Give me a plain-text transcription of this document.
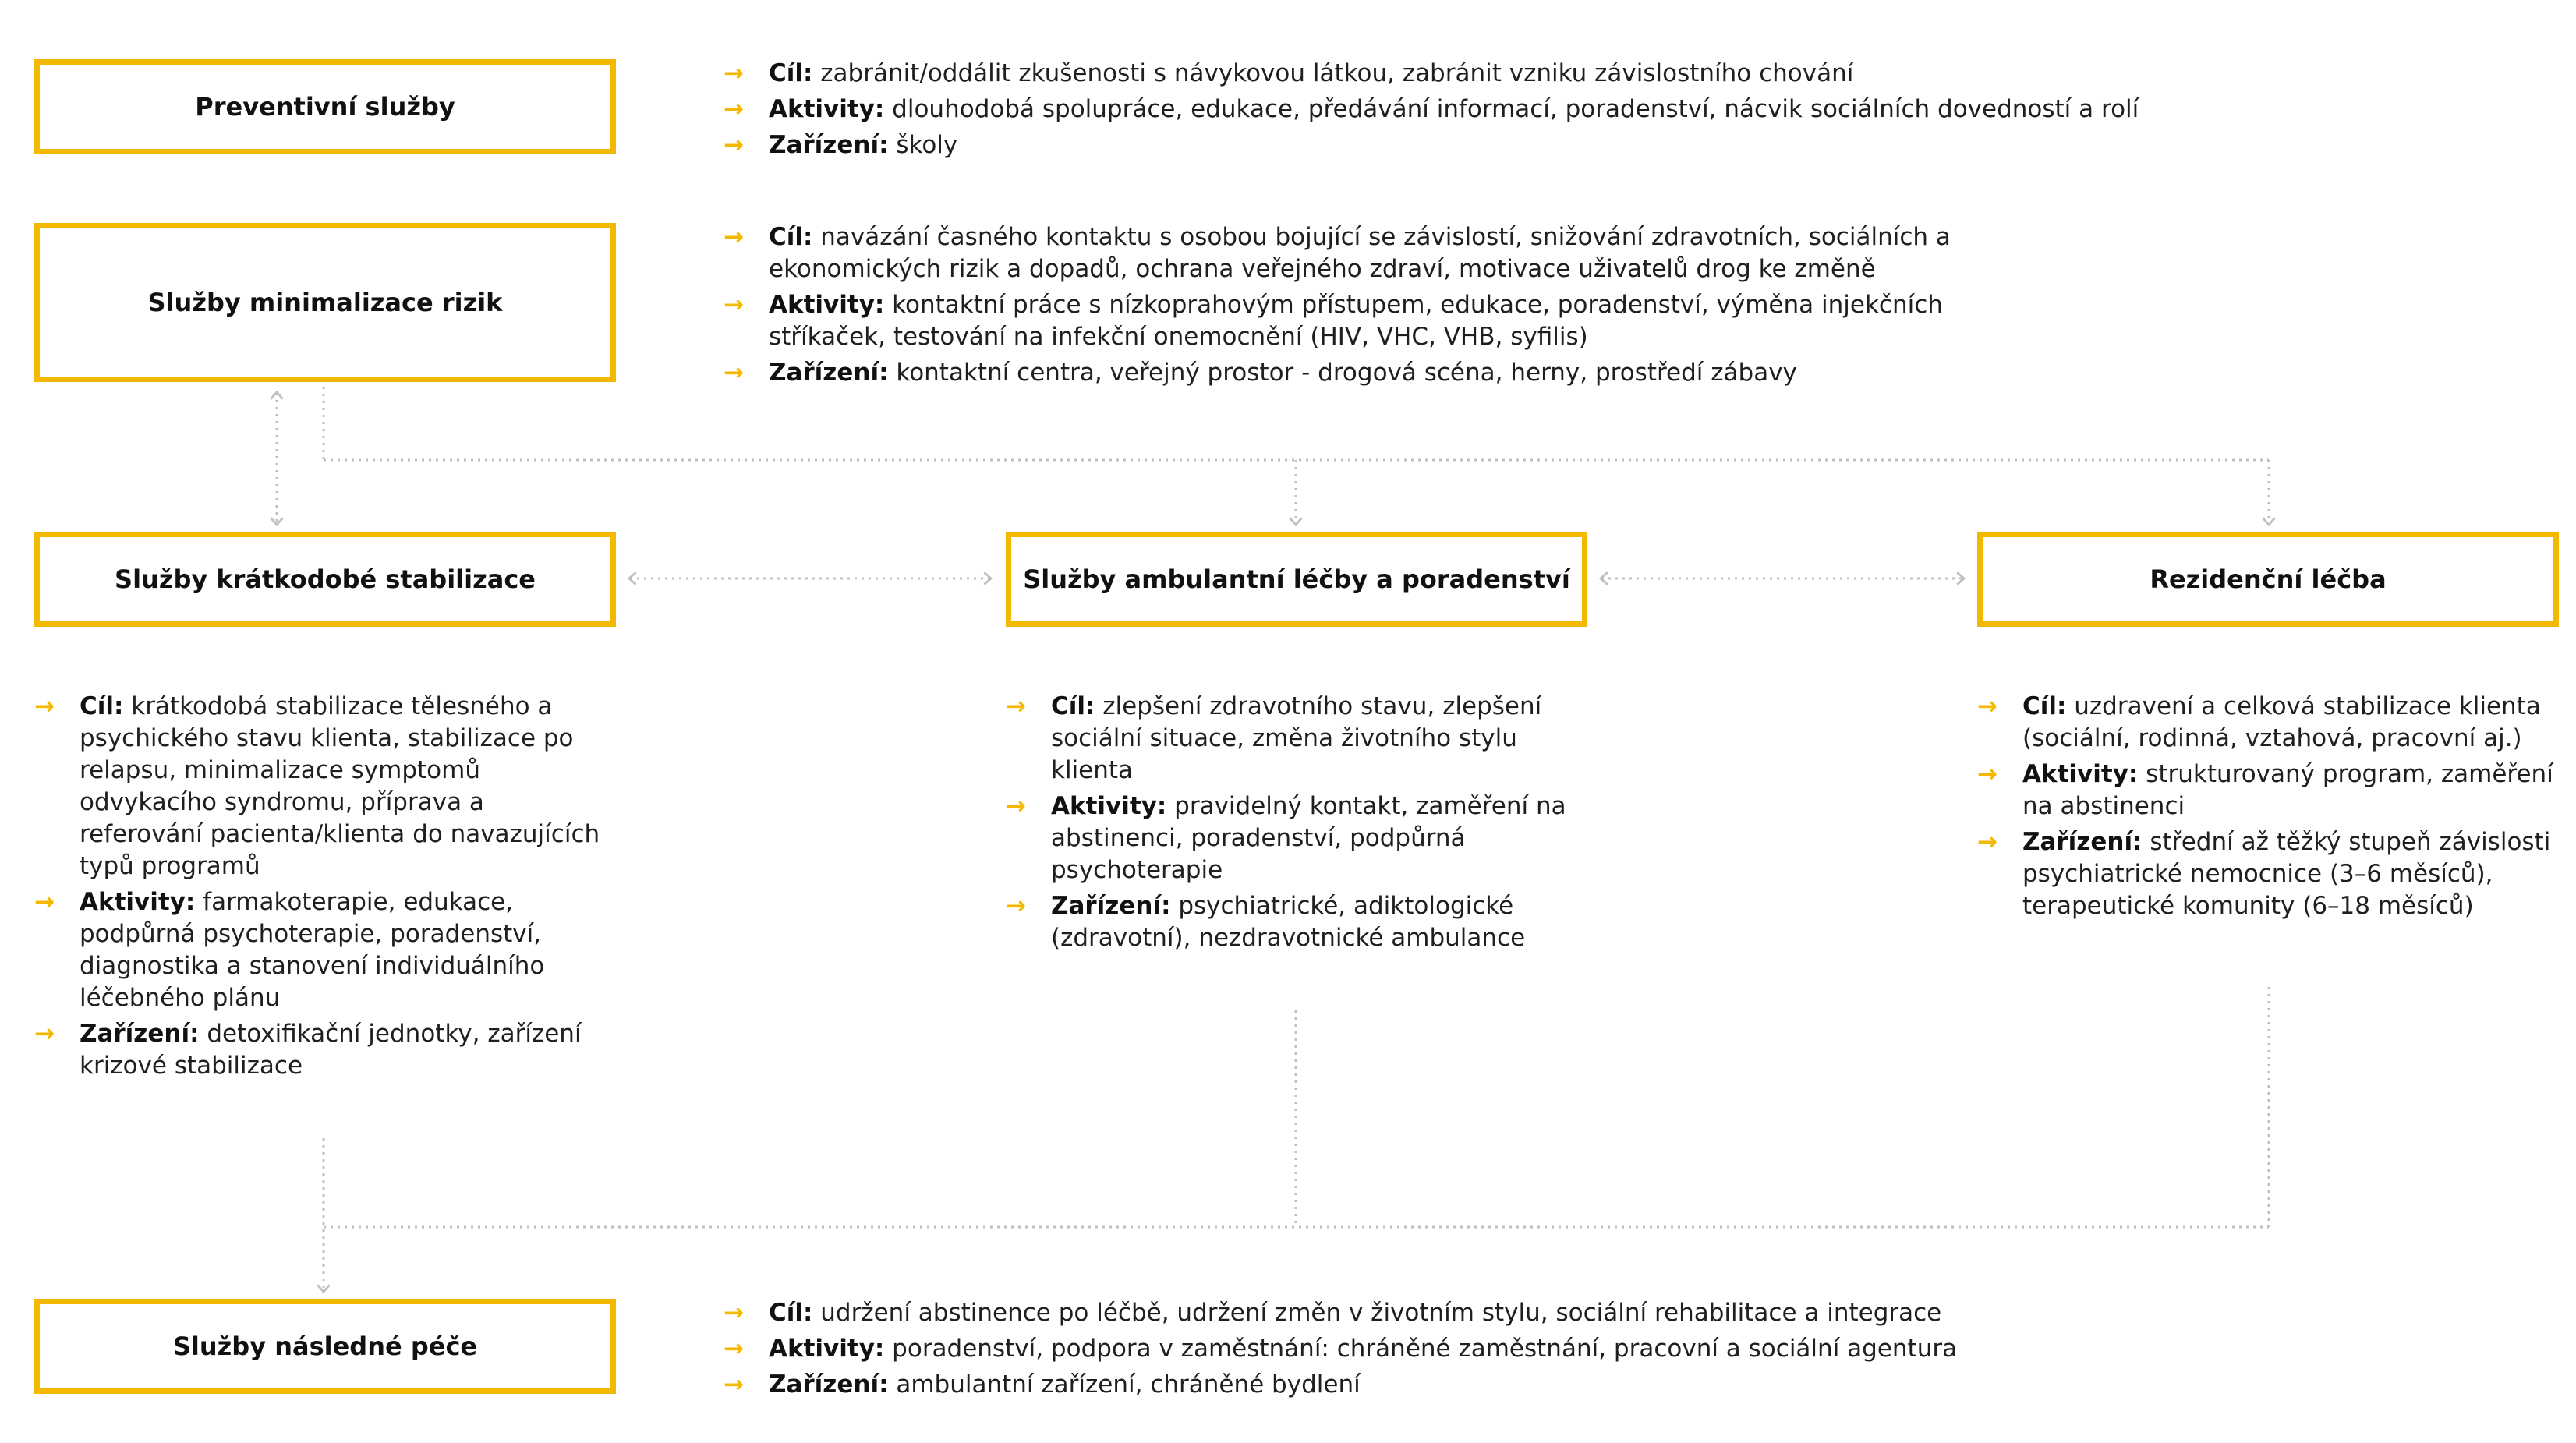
Preventivní služby
Služby minimalizace rizik
Služby krátkodobé stabilizace	Služby ambulantní léčby a poradenství	Rezidenční léčba
Služby následné péče
→	Cíl: zabránit/oddálit zkušenosti s návykovou látkou, zabránit vzniku závislostního chování
→	Aktivity: dlouhodobá spolupráce, edukace, předávání informací, poradenství, nácvik sociálních dovedností a rolí
→	Zařízení: školy
→	Cíl: navázání časného kontaktu s osobou bojující se závislostí, snižování zdravotních, sociálních a ekonomických rizik a dopadů, ochrana veřejného zdraví, motivace uživatelů drog ke změně
→	Aktivity: kontaktní práce s nízkoprahovým přístupem, edukace, poradenství, výměna injekčních stříkaček, testování na infekční onemocnění (HIV, VHC, VHB, syfilis)
→	Zařízení: kontaktní centra, veřejný prostor - drogová scéna, herny, prostředí zábavy
→	Cíl: krátkodobá stabilizace tělesného a psychického stavu klienta, stabilizace po relapsu, minimalizace symptomů odvykacího syndromu, příprava a referování pacienta/klienta do navazujících typů programů
→	Aktivity: farmakoterapie, edukace, podpůrná psychoterapie, poradenství, diagnostika a stanovení individuálního léčebného plánu
→	Zařízení: detoxifikační jednotky, zařízení krizové stabilizace
→	Cíl: zlepšení zdravotního stavu, zlepšení sociální situace, změna životního stylu klienta
→	Aktivity: pravidelný kontakt, zaměření na abstinenci, poradenství, podpůrná psychoterapie
→	Zařízení: psychiatrické, adiktologické (zdravotní), nezdravotnické ambulance
→	Cíl: uzdravení a celková stabilizace klienta (sociální, rodinná, vztahová, pracovní aj.)
→	Aktivity: strukturovaný program, zaměření na abstinenci
→	Zařízení: střední až těžký stupeň závislosti psychiatrické nemocnice (3–6 měsíců), terapeutické komunity (6–18 měsíců)
→	Cíl: udržení abstinence po léčbě, udržení změn v životním stylu, sociální rehabilitace a integrace
→	Aktivity: poradenství, podpora v zaměstnání: chráněné zaměstnání, pracovní a sociální agentura
→	Zařízení: ambulantní zařízení, chráněné bydlení
